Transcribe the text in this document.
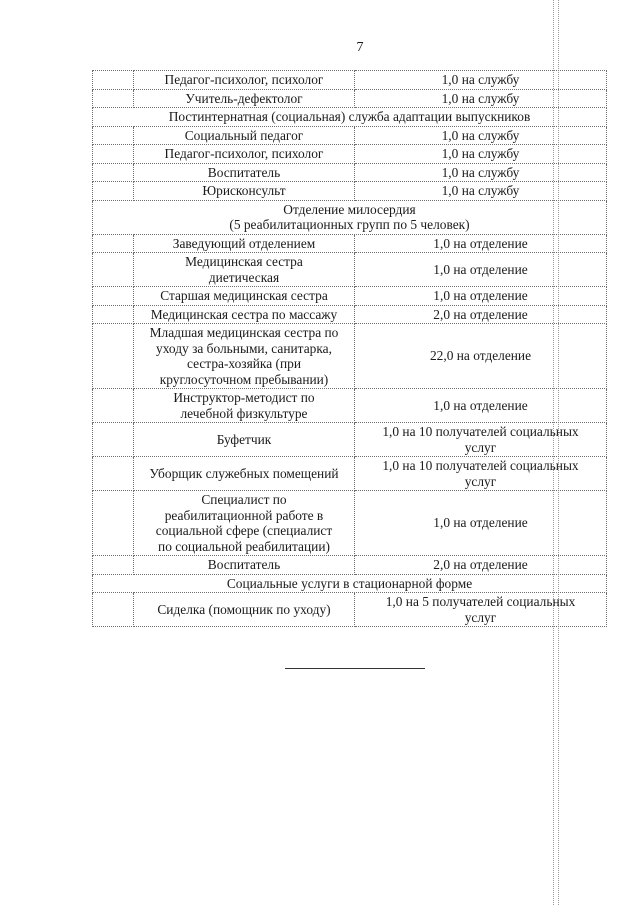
7
	Педагог-психолог, психолог	1,0 на службу
	Учитель-дефектолог	1,0 на службу
Постинтернатная (социальная) служба адаптации выпускников		
	Социальный педагог	1,0 на службу
	Педагог-психолог, психолог	1,0 на службу
	Воспитатель	1,0 на службу
	Юрисконсульт	1,0 на службу
Отделение милосердия
(5 реабилитационных групп по 5 человек)		
	Заведующий отделением	1,0 на отделение
	Медицинская сестра
диетическая	1,0 на отделение
	Старшая медицинская сестра	1,0 на отделение
	Медицинская сестра по массажу	2,0 на отделение
	Младшая медицинская сестра по
уходу за больными, санитарка,
сестра-хозяйка (при
круглосуточном пребывании)	22,0 на отделение
	Инструктор-методист по
лечебной физкультуре	1,0 на отделение
	Буфетчик	1,0 на 10 получателей социальных
услуг
	Уборщик служебных помещений	1,0 на 10 получателей социальных
услуг
	Специалист по
реабилитационной работе в
социальной сфере (специалист
по социальной реабилитации)	1,0 на отделение
	Воспитатель	2,0 на отделение
Социальные услуги в стационарной форме		
	Сиделка (помощник по уходу)	1,0 на 5 получателей социальных
услуг
